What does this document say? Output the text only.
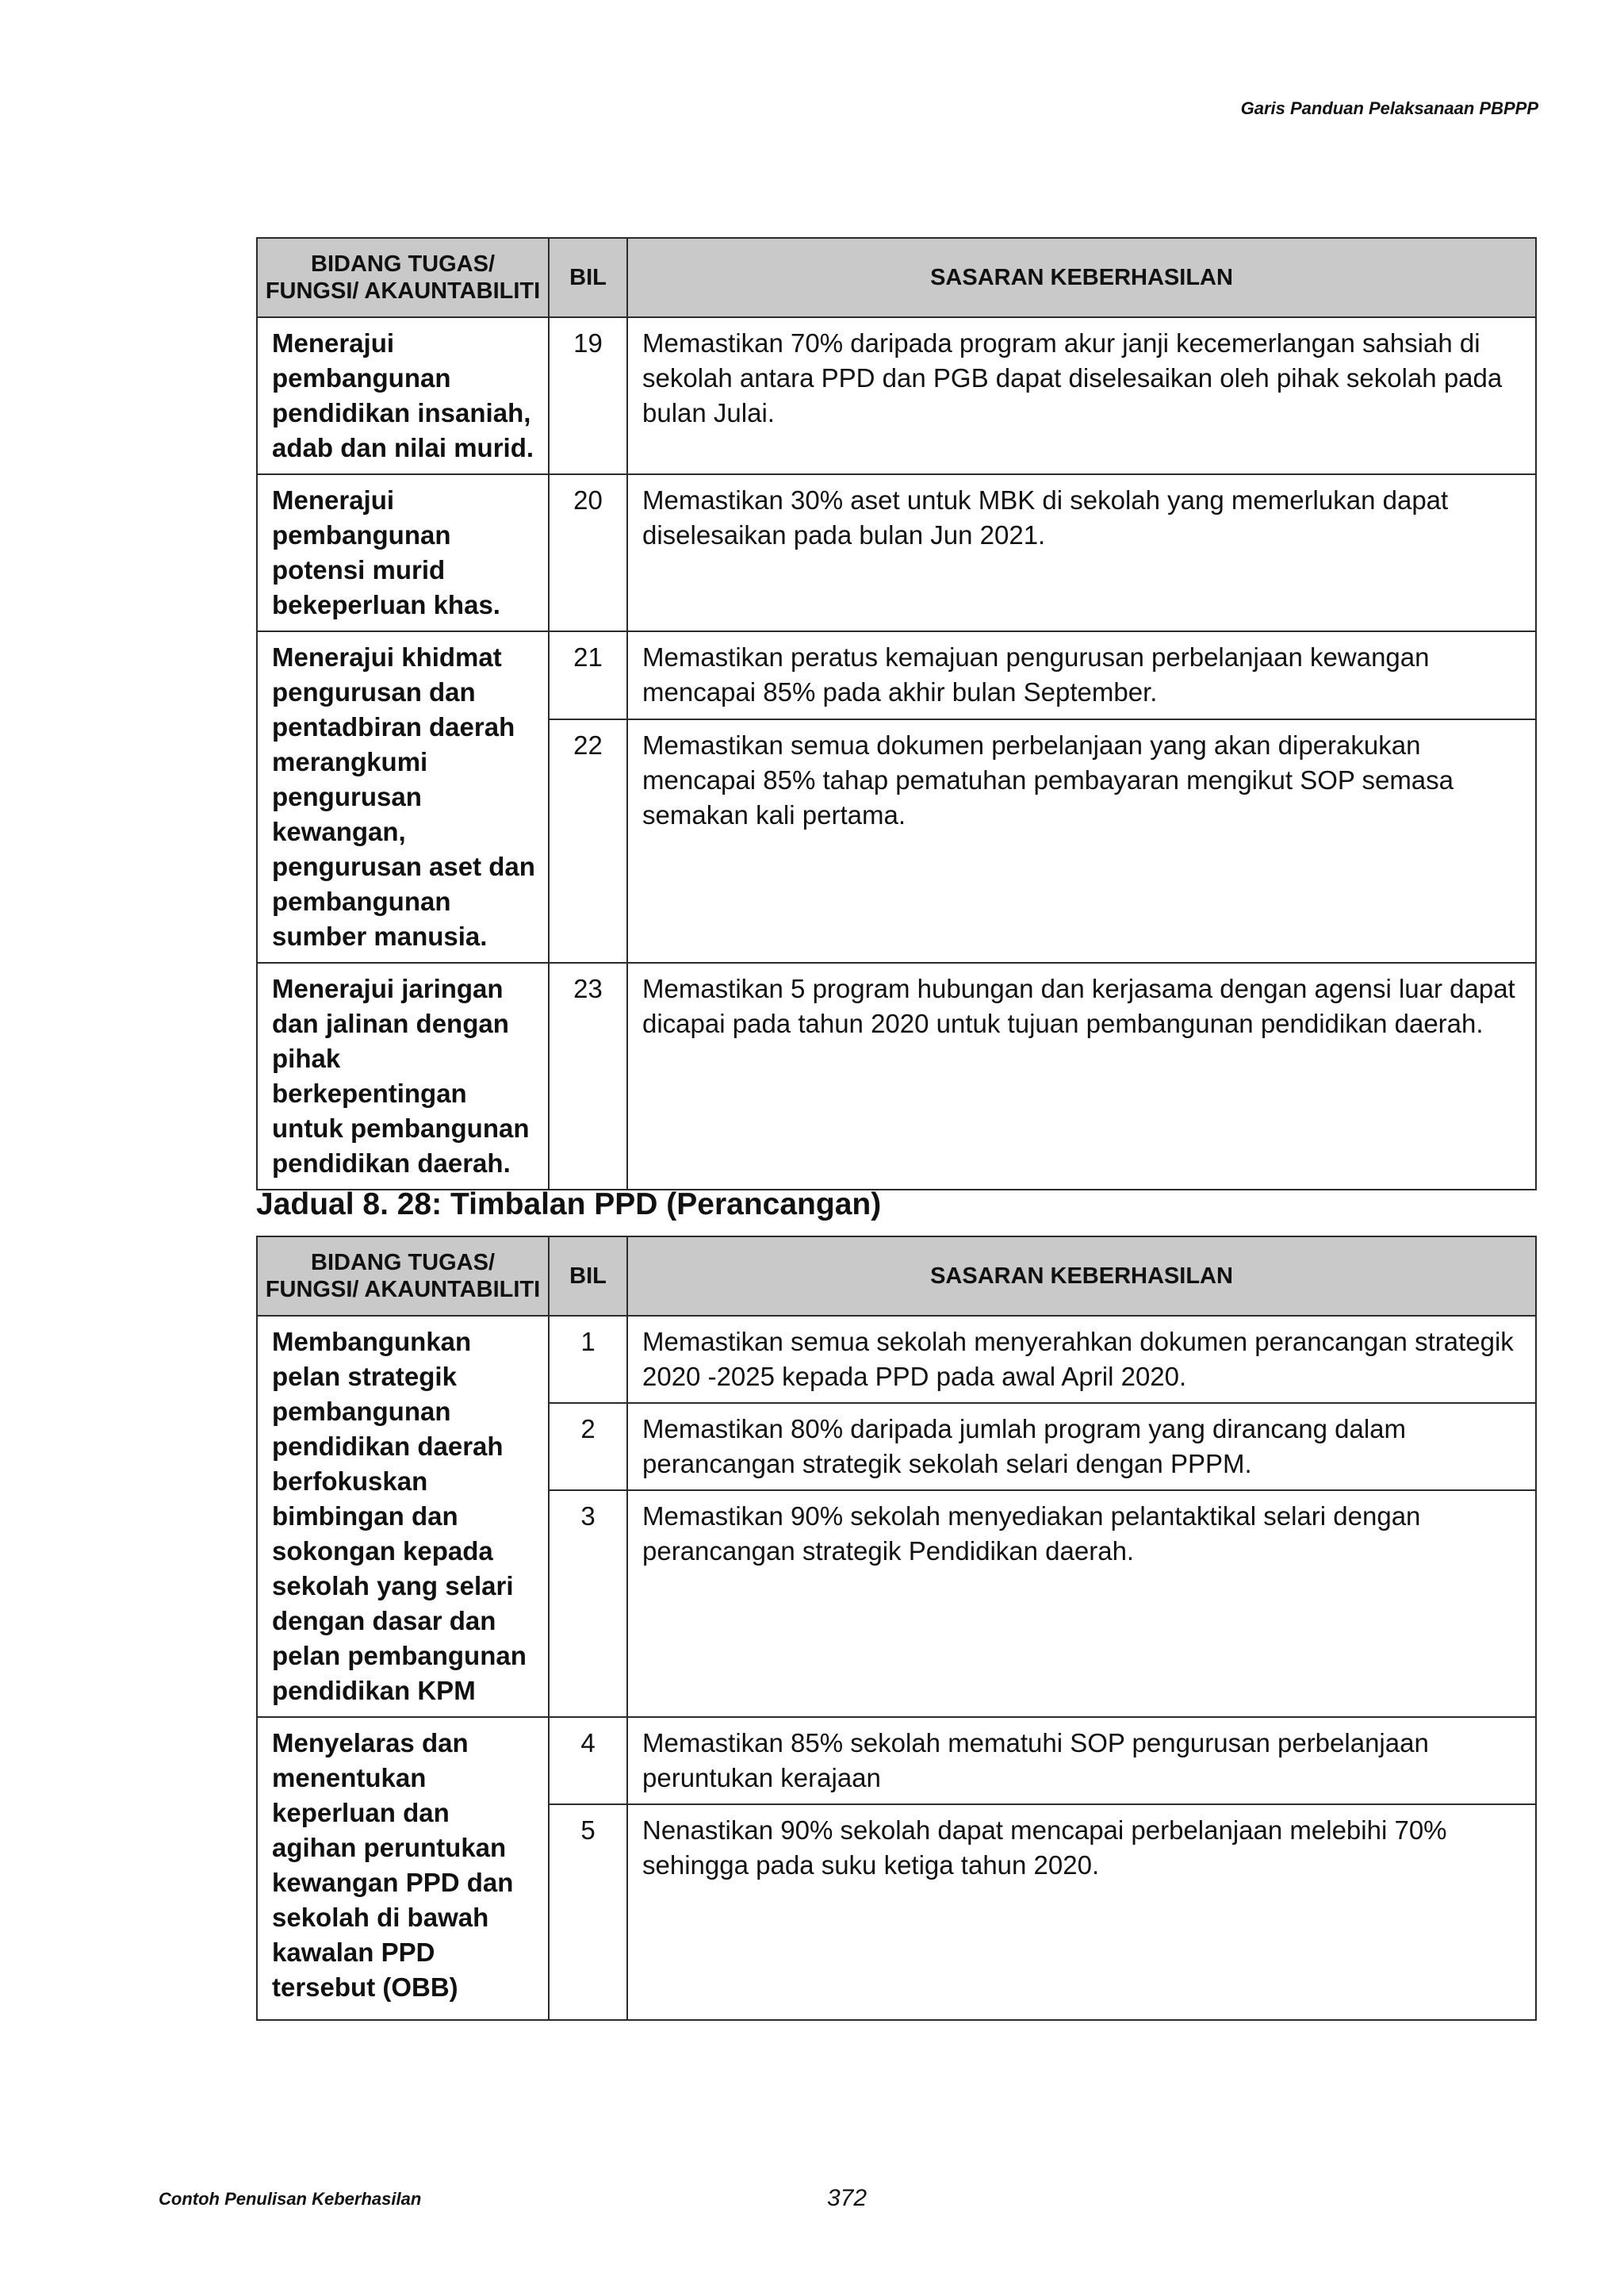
Garis Panduan Pelaksanaan PBPPP
BIDANG TUGAS/ FUNGSI/ AKAUNTABILITI	BIL	SASARAN KEBERHASILAN
Menerajui pembangunan pendidikan insaniah, adab dan nilai murid.	19	Memastikan 70% daripada program akur janji kecemerlangan sahsiah di sekolah antara PPD dan PGB dapat diselesaikan oleh pihak sekolah pada bulan Julai.
Menerajui pembangunan potensi murid bekeperluan khas.	20	Memastikan 30% aset untuk MBK di sekolah yang memerlukan dapat diselesaikan pada bulan Jun 2021.
Menerajui khidmat pengurusan dan pentadbiran daerah merangkumi pengurusan kewangan, pengurusan aset dan pembangunan sumber manusia.	21	Memastikan peratus kemajuan pengurusan perbelanjaan kewangan mencapai 85% pada akhir bulan September.
	22	Memastikan semua dokumen perbelanjaan yang akan diperakukan mencapai 85% tahap pematuhan pembayaran mengikut SOP semasa semakan kali pertama.
Menerajui jaringan dan jalinan dengan pihak berkepentingan untuk pembangunan pendidikan daerah.	23	Memastikan 5 program hubungan dan kerjasama dengan agensi luar dapat dicapai pada tahun 2020 untuk tujuan pembangunan pendidikan daerah.
Jadual 8. 28: Timbalan PPD (Perancangan)
BIDANG TUGAS/ FUNGSI/ AKAUNTABILITI	BIL	SASARAN KEBERHASILAN
Membangunkan pelan strategik pembangunan pendidikan daerah berfokuskan bimbingan dan sokongan kepada sekolah yang selari dengan dasar dan pelan pembangunan pendidikan KPM	1	Memastikan semua sekolah menyerahkan dokumen perancangan strategik 2020 -2025 kepada PPD pada awal April 2020.
	2	Memastikan 80% daripada jumlah program yang dirancang dalam perancangan strategik sekolah selari dengan PPPM.
	3	Memastikan 90% sekolah menyediakan pelantaktikal selari dengan perancangan strategik Pendidikan daerah.
Menyelaras dan menentukan keperluan dan agihan peruntukan kewangan PPD dan sekolah di bawah kawalan PPD tersebut (OBB)	4	Memastikan 85% sekolah mematuhi SOP pengurusan perbelanjaan peruntukan kerajaan
	5	Nenastikan 90% sekolah dapat mencapai perbelanjaan melebihi 70% sehingga pada suku ketiga tahun 2020.
Contoh Penulisan Keberhasilan	372
